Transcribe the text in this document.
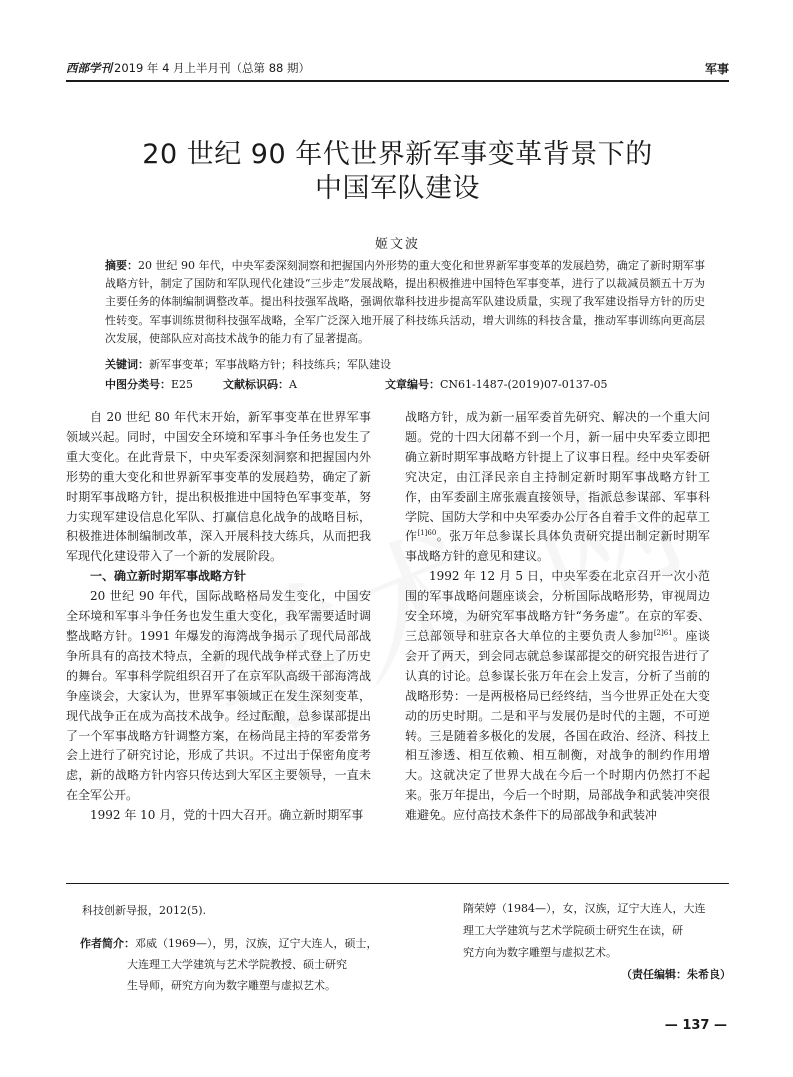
西部学刊 2019 年 4 月上半月刊（总第 88 期）	军事
20 世纪 90 年代世界新军事变革背景下的
中国军队建设
姬文波
摘要：20 世纪 90 年代，中央军委深刻洞察和把握国内外形势的重大变化和世界新军事变革的发展趋势，确定了新时期军事战略方针，制定了国防和军队现代化建设“三步走”发展战略，提出积极推进中国特色军事变革，进行了以裁减员额五十万为主要任务的体制编制调整改革。提出科技强军战略，强调依靠科技进步提高军队建设质量，实现了我军建设指导方针的历史性转变。军事训练贯彻科技强军战略，全军广泛深入地开展了科技练兵活动，增大训练的科技含量，推动军事训练向更高层次发展，使部队应对高技术战争的能力有了显著提高。
关键词：新军事变革；军事战略方针；科技练兵；军队建设
中图分类号：E25	文献标识码：A	文章编号：CN61-1487-(2019)07-0137-05

自 20 世纪 80 年代末开始，新军事变革在世界军事领域兴起。同时，中国安全环境和军事斗争任务也发生了重大变化。在此背景下，中央军委深刻洞察和把握国内外形势的重大变化和世界新军事变革的发展趋势，确定了新时期军事战略方针，提出积极推进中国特色军事变革，努力实现军建设信息化军队、打赢信息化战争的战略目标，积极推进体制编制改革，深入开展科技大练兵，从而把我军现代化建设带入了一个新的发展阶段。

一、确立新时期军事战略方针

20 世纪 90 年代，国际战略格局发生变化，中国安全环境和军事斗争任务也发生重大变化，我军需要适时调整战略方针。1991 年爆发的海湾战争揭示了现代局部战争所具有的高技术特点，全新的现代战争样式登上了历史的舞台。军事科学院组织召开了在京军队高级干部海湾战争座谈会，大家认为，世界军事领域正在发生深刻变革，现代战争正在成为高技术战争。经过酝酿，总参谋部提出了一个军事战略方针调整方案，在杨尚昆主持的军委常务会上进行了研究讨论，形成了共识。不过出于保密角度考虑，新的战略方针内容只传达到大军区主要领导，一直未在全军公开。

1992 年 10 月，党的十四大召开。确立新时期军事

战略方针，成为新一届军委首先研究、解决的一个重大问题。党的十四大闭幕不到一个月，新一届中央军委立即把确立新时期军事战略方针提上了议事日程。经中央军委研究决定，由江泽民亲自主持制定新时期军事战略方针工作，由军委副主席张震直接领导，指派总参谋部、军事科学院、国防大学和中央军委办公厅各自着手文件的起草工作$^{[1]60}$。张万年总参谋长具体负责研究提出制定新时期军事战略方针的意见和建议。

1992 年 12 月 5 日，中央军委在北京召开一次小范围的军事战略问题座谈会，分析国际战略形势，审视周边安全环境，为研究军事战略方针“务务虚”。在京的军委、三总部领导和驻京各大单位的主要负责人参加$^{[2]61}$。座谈会开了两天，到会同志就总参谋部提交的研究报告进行了认真的讨论。总参谋长张万年在会上发言，分析了当前的战略形势：一是两极格局已经终结，当今世界正处在大变动的历史时期。二是和平与发展仍是时代的主题，不可逆转。三是随着多极化的发展，各国在政治、经济、科技上相互渗透、相互依赖、相互制衡，对战争的制约作用增大。这就决定了世界大战在今后一个时期内仍然打不起来。张万年提出，今后一个时期，局部战争和武装冲突很难避免。应付高技术条件下的局部战争和武装冲

科技创新导报，2012(5).
作者简介：邓威（1969—），男，汉族，辽宁大连人，硕士，
大连理工大学建筑与艺术学院教授、硕士研究
生导师，研究方向为数字雕塑与虚拟艺术。
隋荣婷（1984—），女，汉族，辽宁大连人，大连
理工大学建筑与艺术学院硕士研究生在读，研
究方向为数字雕塑与虚拟艺术。
（责任编辑：朱希良）
— 137 —
